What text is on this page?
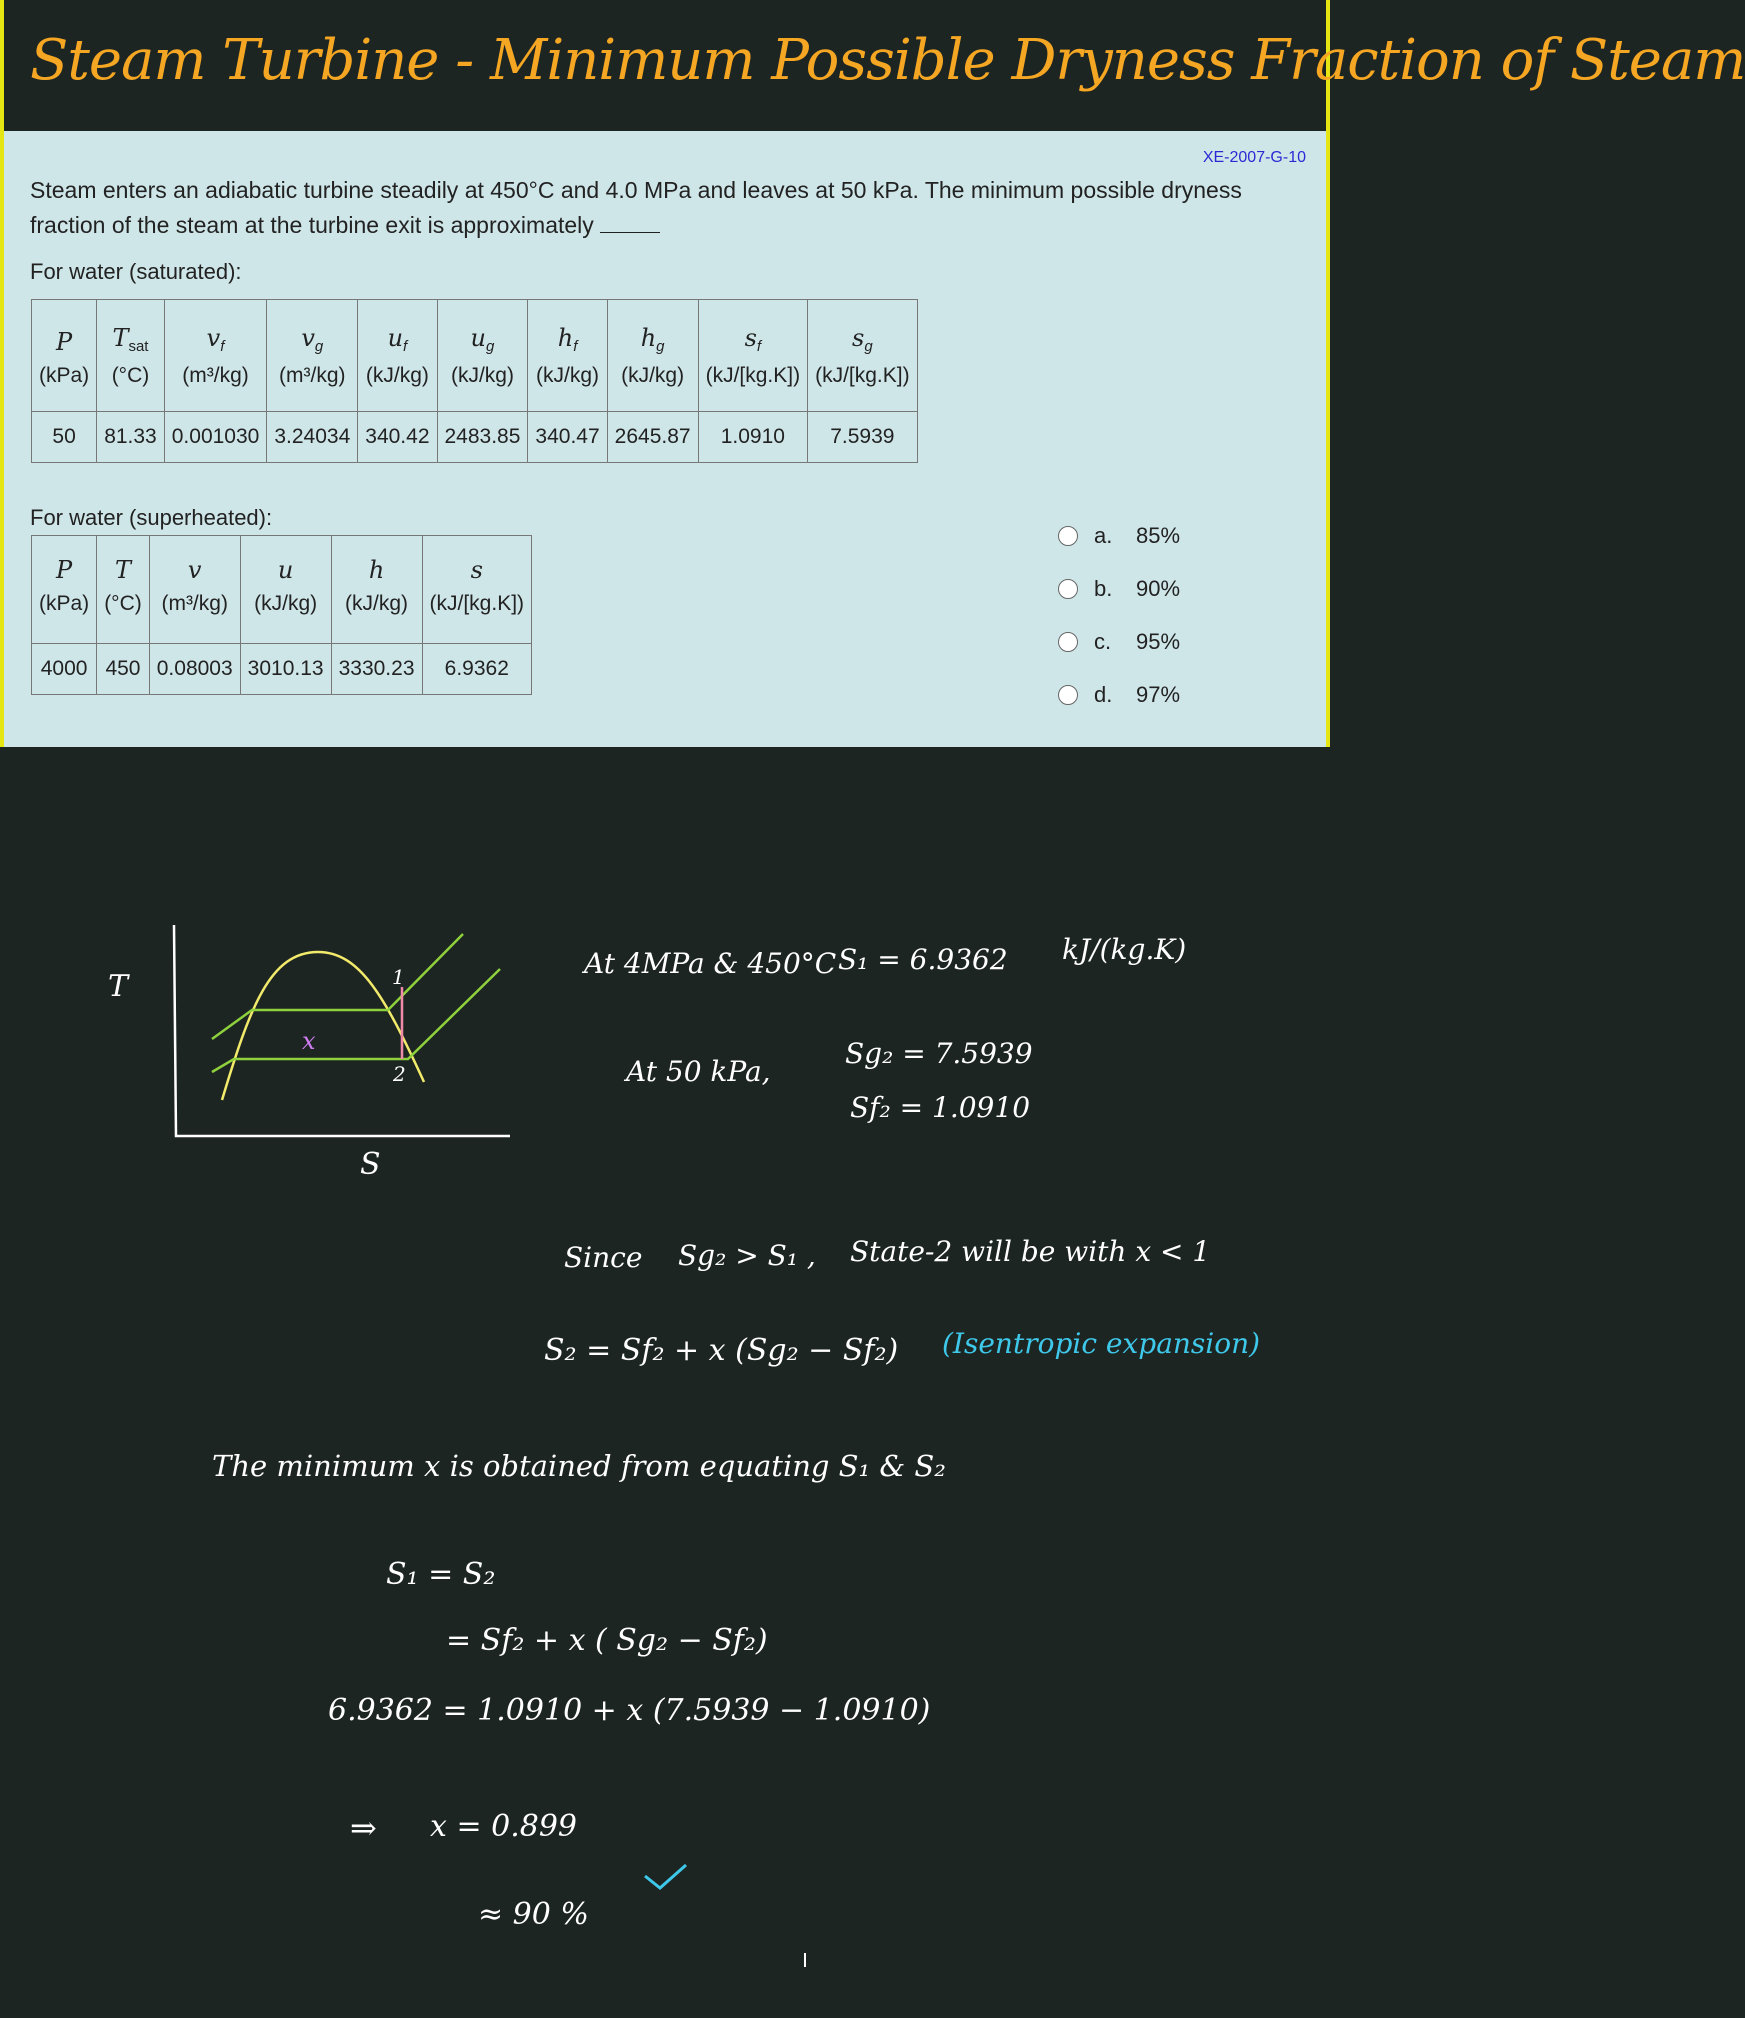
Steam Turbine - Minimum Possible Dryness Fraction of Steam
XE-2007-G-10
Steam enters an adiabatic turbine steadily at 450°C and 4.0 MPa and leaves at 50 kPa. The minimum possible dryness fraction of the steam at the turbine exit is approximately
For water (saturated):
P	$T_{sat}$	$v_f$	$v_g$	$u_f$	$u_g$	$h_f$	$h_g$	$s_f$	$s_g$
(kPa)	(°C)	(m³/kg)	(m³/kg)	(kJ/kg)	(kJ/kg)	(kJ/kg)	(kJ/kg)	(kJ/[kg.K])	(kJ/[kg.K])
50	81.33	0.001030	3.24034	340.42	2483.85	340.47	2645.87	1.0910	7.5939
For water (superheated):
P	T	v	u	h	s
(kPa)	(°C)	(m³/kg)	(kJ/kg)	(kJ/kg)	(kJ/[kg.K])
4000	450	0.08003	3010.13	3330.23	6.9362
a.	85%
b.	90%
c.	95%
d.	97%
T
S
1
2
x
At 4MPa & 450°C S₁ = 6.9362 kJ/(kg.K)
At 50 kPa,
Sg₂ = 7.5939
Sf₂ = 1.0910
Since Sg₂ > S₁ , State-2 will be with x < 1
S₂ = Sf₂ + x (Sg₂ − Sf₂) (Isentropic expansion)
The minimum x is obtained from equating S₁ & S₂
S₁ = S₂
= Sf₂ + x ( Sg₂ − Sf₂)
6.9362 = 1.0910 + x (7.5939 − 1.0910)
⇒ x = 0.899
≈ 90 %
